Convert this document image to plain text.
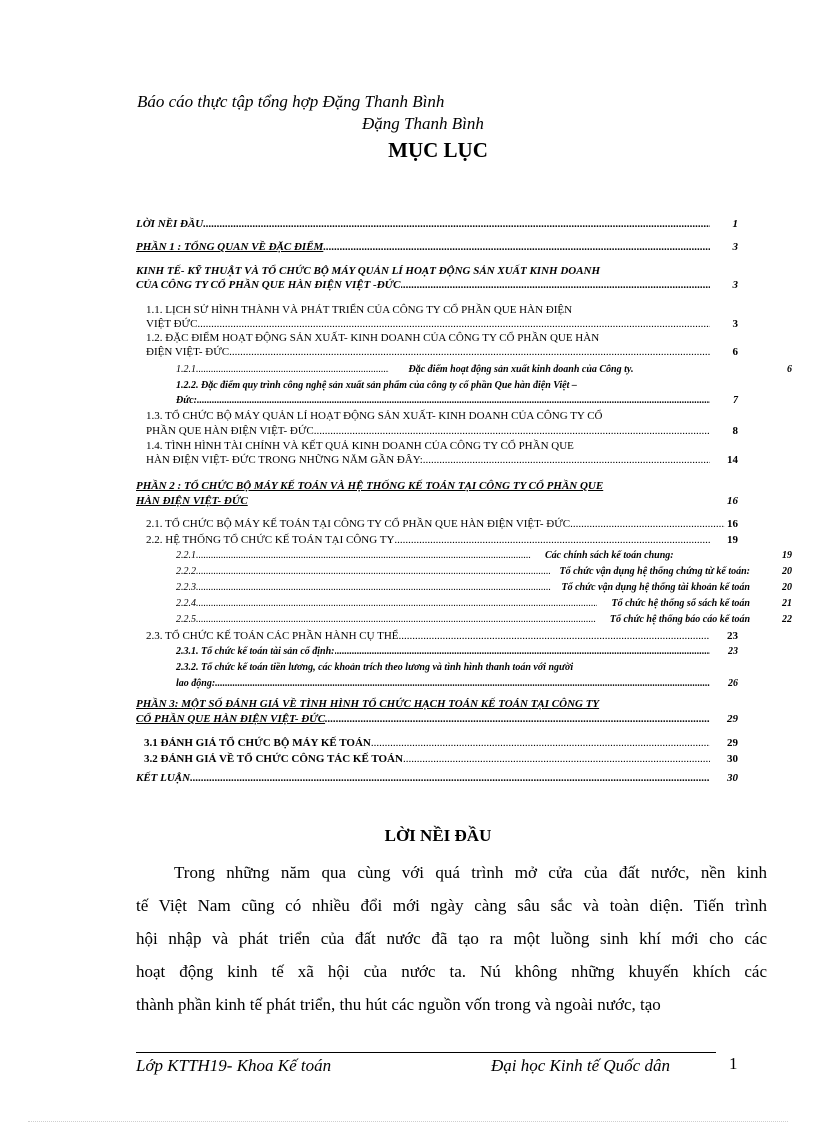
Báo cáo thực tập tổng hợp Đặng Thanh Bình
Đặng Thanh Bình
MỤC LỤC
LỜI NỀI ĐẦU .....	1
PHẦN 1 : TỔNG QUAN VỀ ĐẶC ĐIỂM .....	3
KINH TẾ- KỸ THUẬT VÀ TỔ CHỨC BỘ MÁY QUẢN LÍ HOẠT ĐỘNG SẢN XUẤT KINH DOANH
CỦA CÔNG TY CỔ PHẦN QUE HÀN ĐIỆN VIỆT -ĐỨC .....	3
1.1. LỊCH SỬ HÌNH THÀNH VÀ PHÁT TRIỂN CỦA CÔNG TY CỔ PHẦN QUE HÀN ĐIỆN
VIỆT ĐỨC .....	3
1.2. ĐẶC ĐIỂM HOẠT ĐỘNG SẢN XUẤT- KINH DOANH CỦA CÔNG TY CỔ PHẦN QUE HÀN
ĐIỆN VIỆT- ĐỨC .....	6
1.2.1. .....	Đặc điểm hoạt động sản xuất kinh doanh của Công ty.	6
1.2.2. Đặc điểm quy trình công nghệ sản xuất sản phẩm của công ty cổ phần Que hàn điện Việt –
Đức: .....	7
1.3. TỔ CHỨC BỘ MÁY QUẢN LÍ HOẠT ĐỘNG SẢN XUẤT- KINH DOANH CỦA CÔNG TY CỔ
PHẦN QUE HÀN ĐIỆN VIỆT- ĐỨC .....	8
1.4. TÌNH HÌNH TÀI CHÍNH VÀ KẾT QUẢ KINH DOANH CỦA CÔNG TY CỔ PHẦN QUE
HÀN ĐIỆN VIỆT- ĐỨC TRONG NHỮNG NĂM GẦN ĐÂY: .....	14
PHẦN 2 : TỔ CHỨC BỘ MÁY KẾ TOÁN VÀ HỆ THỐNG KẾ TOÁN TẠI CÔNG TY CỔ PHẦN QUE
HÀN ĐIỆN VIỆT- ĐỨC	16
2.1. TỔ CHỨC BỘ MÁY KẾ TOÁN TẠI CÔNG TY CỔ PHẦN QUE HÀN ĐIỆN VIỆT- ĐỨC .....	16
2.2. HỆ THỐNG TỔ CHỨC KẾ TOÁN TẠI CÔNG TY .....	19
2.2.1. .....	Các chính sách kế toán chung:	19
2.2.2. .....	Tổ chức vận dụng hệ thống chứng từ kế toán:	20
2.2.3. .....	Tổ chức vận dụng hệ thống tài khoản kế toán	20
2.2.4. .....	Tổ chức hệ thống sổ sách kế toán	21
2.2.5. .....	Tổ chức hệ thống báo cáo kế toán	22
2.3. TỔ CHỨC KẾ TOÁN CÁC PHẦN HÀNH CỤ THỂ .....	23
2.3.1. Tổ chức kế toán tài sản cố định: .....	23
2.3.2. Tổ chức kế toán tiền lương, các khoản trích theo lương và tình hình thanh toán với người
lao động: .....	26
PHẦN 3: MỘT SỐ ĐÁNH GIÁ VỀ TÌNH HÌNH TỔ CHỨC HẠCH TOÁN KẾ TOÁN TẠI CÔNG TY
CỔ PHẦN QUE HÀN ĐIỆN VIỆT- ĐỨC .....	29
3.1 ĐÁNH GIÁ TỔ CHỨC BỘ MÁY KẾ TOÁN .....	29
3.2 ĐÁNH GIÁ VỀ TỔ CHỨC CÔNG TÁC KẾ TOÁN .....	30
KẾT LUẬN .....	30
LỜI NỀI ĐẦU
Trong những năm qua cùng với quá trình mở cửa của đất nước, nền kinh
tế Việt Nam cũng có nhiều đổi mới ngày càng sâu sắc và toàn diện. Tiến trình
hội nhập và phát triển của đất nước đã tạo ra một luồng sinh khí mới cho các
hoạt động kinh tế xã hội của nước ta. Nú không những khuyến khích các
thành phần kinh tế phát triển, thu hút các nguồn vốn trong và ngoài nước, tạo
Lớp KTTH19- Khoa Kế toán	Đại học Kinh tế Quốc dân	1
